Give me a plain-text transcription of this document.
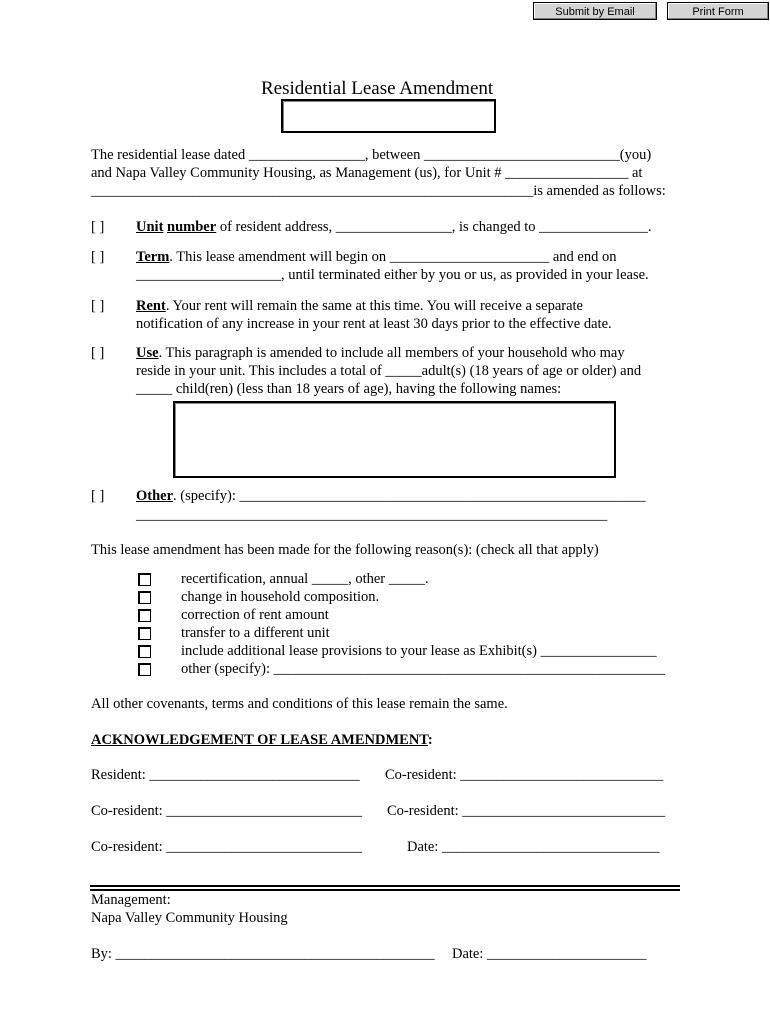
Submit by Email	Print Form
Residential Lease Amendment
The residential lease dated ________________, between ___________________________(you)
and Napa Valley Community Housing, as Management (us), for Unit # _________________ at
_____________________________________________________________is amended as follows:
[ ] Unit number of resident address, ________________, is changed to _______________.
[ ] Term. This lease amendment will begin on ______________________ and end on
____________________, until terminated either by you or us, as provided in your lease.
[ ] Rent. Your rent will remain the same at this time. You will receive a separate
notification of any increase in your rent at least 30 days prior to the effective date.
[ ] Use. This paragraph is amended to include all members of your household who may
reside in your unit. This includes a total of _____adult(s) (18 years of age or older) and
_____ child(ren) (less than 18 years of age), having the following names:
[ ] Other. (specify): ________________________________________________________
_________________________________________________________________
This lease amendment has been made for the following reason(s): (check all that apply)
recertification, annual _____, other _____.
change in household composition.
correction of rent amount
transfer to a different unit
include additional lease provisions to your lease as Exhibit(s) ________________
other (specify): ______________________________________________________
All other covenants, terms and conditions of this lease remain the same.
ACKNOWLEDGEMENT OF LEASE AMENDMENT:
Resident: _____________________________ Co-resident: ____________________________
Co-resident: ___________________________ Co-resident: ____________________________
Co-resident: ___________________________	Date: ______________________________
Management:
Napa Valley Community Housing
By: ____________________________________________ Date: ______________________
